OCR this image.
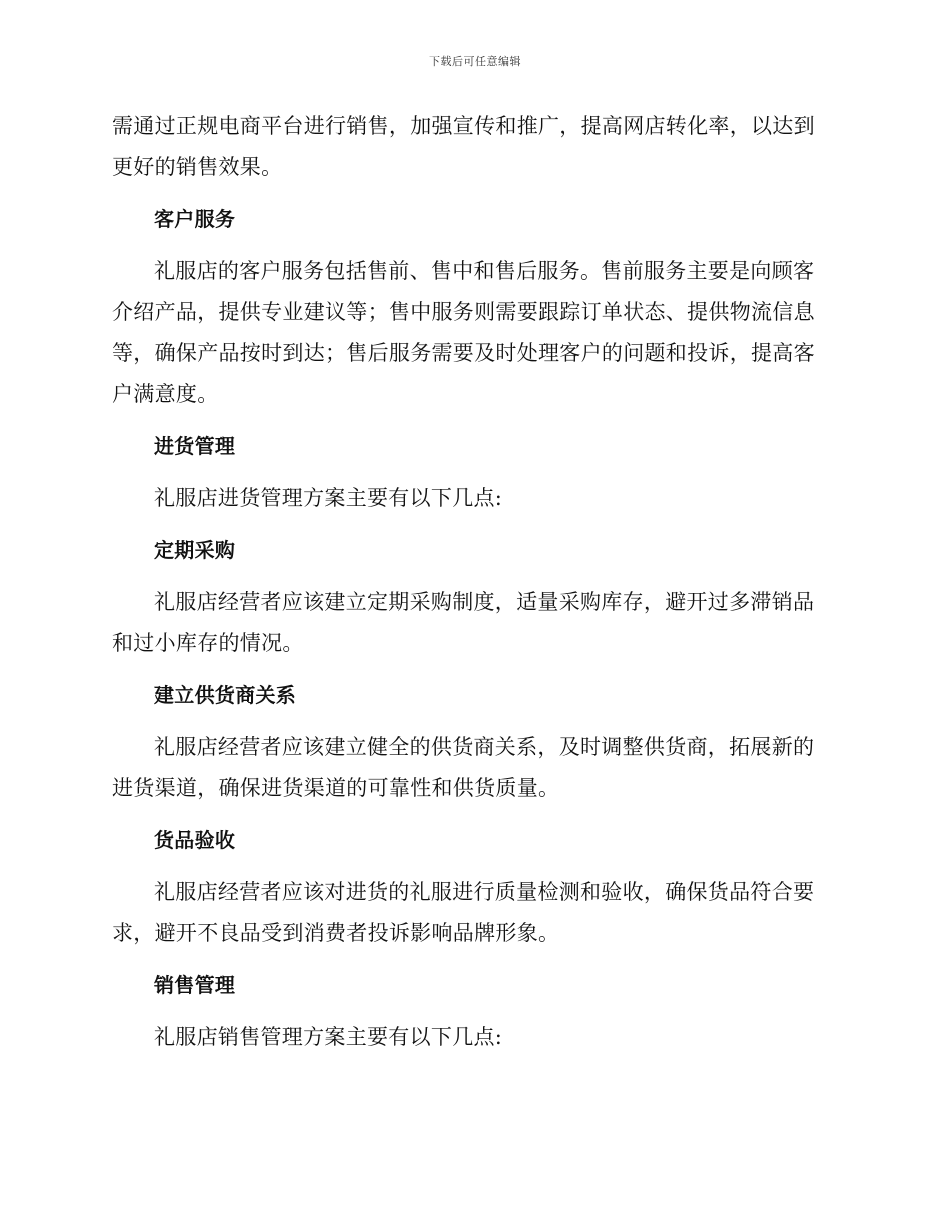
下载后可任意编辑

需通过正规电商平台进行销售，加强宣传和推广，提高网店转化率，以达到更好的销售效果。

客户服务

礼服店的客户服务包括售前、售中和售后服务。售前服务主要是向顾客介绍产品，提供专业建议等；售中服务则需要跟踪订单状态、提供物流信息等，确保产品按时到达；售后服务需要及时处理客户的问题和投诉，提高客户满意度。

进货管理

礼服店进货管理方案主要有以下几点:

定期采购

礼服店经营者应该建立定期采购制度，适量采购库存，避开过多滞销品和过小库存的情况。

建立供货商关系

礼服店经营者应该建立健全的供货商关系，及时调整供货商，拓展新的进货渠道，确保进货渠道的可靠性和供货质量。

货品验收

礼服店经营者应该对进货的礼服进行质量检测和验收，确保货品符合要求，避开不良品受到消费者投诉影响品牌形象。

销售管理

礼服店销售管理方案主要有以下几点:
